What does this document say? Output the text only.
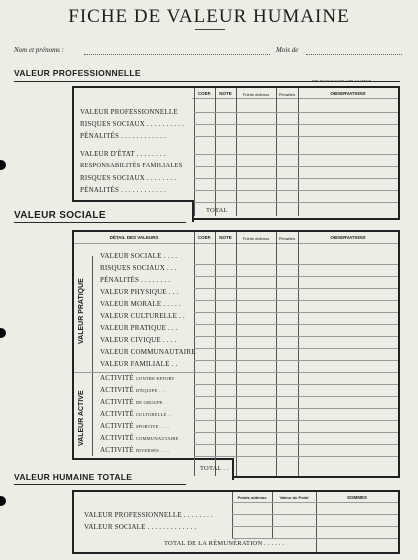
FICHE DE VALEUR HUMAINE
Nom et prénoms :	Mois de
VALEUR PROFESSIONNELLE
IMP. PAGNAN & ENLAIRE, VALENCE
COEF.	NOTE	Points obtenus	Pénalités	OBSERVATIONS
VALEUR PROFESSIONNELLE
RISQUES SOCIAUX . . . . . . . . . .
PÉNALITÉS . . . . . . . . . . . .
VALEUR D'ÉTAT . . . . . . . .
RESPONSABILITÉS FAMILIALES
RISQUES SOCIAUX . . . . . . . .
PÉNALITÉS . . . . . . . . . . . .
TOTAL
VALEUR SOCIALE
DÉTAIL DES VALEURS	COEF.	NOTE	Points obtenus	Pénalités	OBSERVATIONS
VALEUR PRATIQUE
VALEUR ACTIVE
VALEUR SOCIALE . . . .
RISQUES SOCIAUX . . .
PÉNALITÉS . . . . . . . .
VALEUR PHYSIQUE . . .
VALEUR MORALE . . . . .
VALEUR CULTURELLE . .
VALEUR PRATIQUE . . .
VALEUR CIVIQUE . . . .
VALEUR COMMUNAUTAIRE
VALEUR FAMILIALE . .
ACTIVITÉ CONTRE-EFFORT
ACTIVITÉ D'ÉQUIPE . . .
ACTIVITÉ DE GROUPE . . .
ACTIVITÉ CULTURELLE . .
ACTIVITÉ SPORTIVE . . . .
ACTIVITÉ COMMUNAUTAIRE
ACTIVITÉ DIVERSES . . . .
TOTAL . .
VALEUR HUMAINE TOTALE
Points obtenus	Valeur du Point	SOMMES
VALEUR PROFESSIONNELLE . . . . . . . .
VALEUR SOCIALE . . . . . . . . . . . . .
TOTAL DE LA RÉMUNÉRATION . . . . . .
